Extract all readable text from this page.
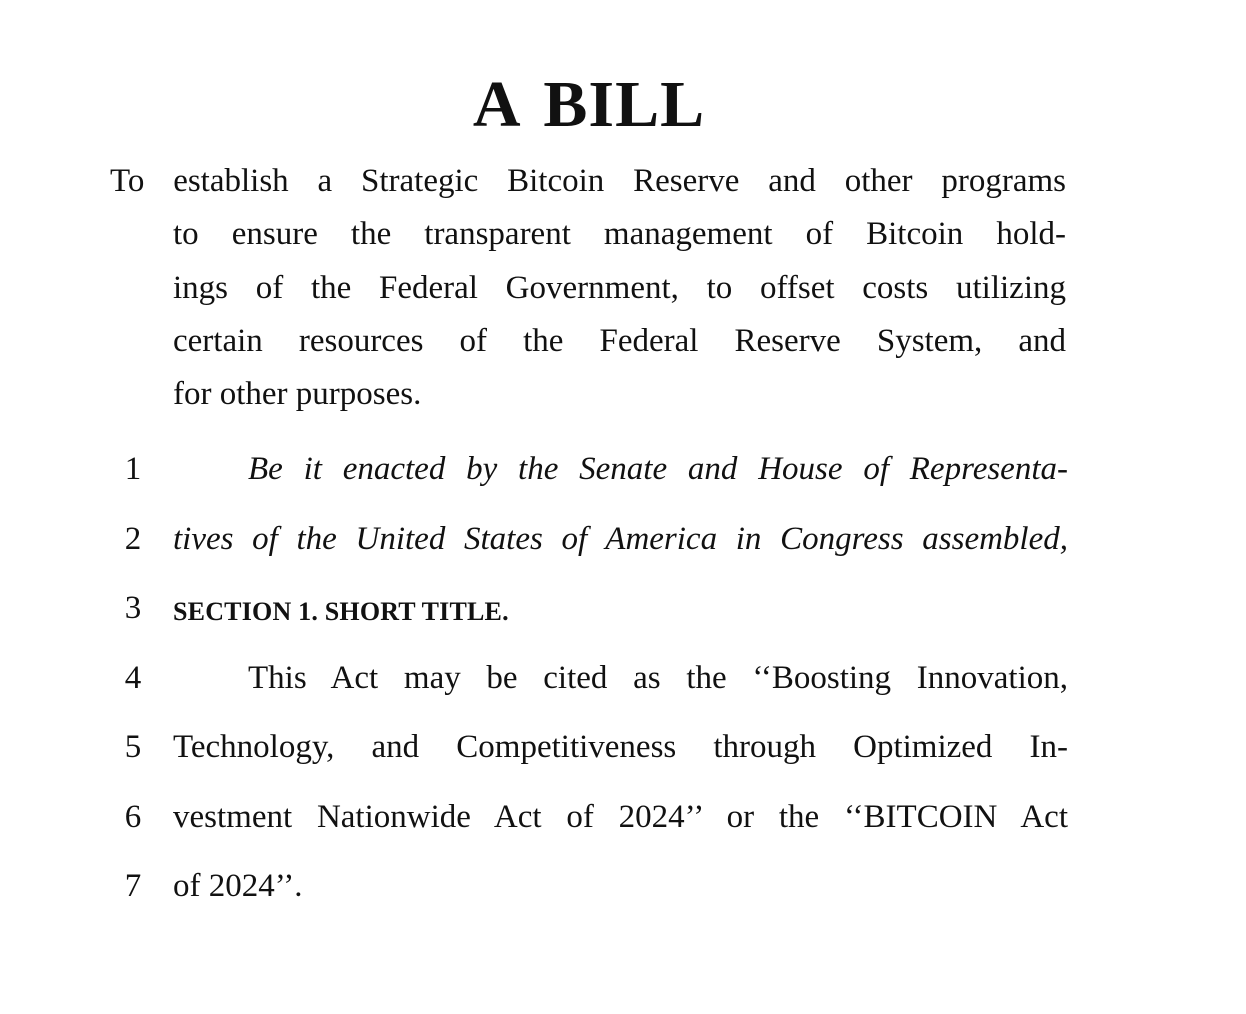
A BILL
To establish a Strategic Bitcoin Reserve and other programs
to ensure the transparent management of Bitcoin hold-
ings of the Federal Government, to offset costs utilizing
certain resources of the Federal Reserve System, and
for other purposes.
1	Be it enacted by the Senate and House of Representa-
2 tives of the United States of America in Congress assembled,
3 SECTION 1. SHORT TITLE.
4	This Act may be cited as the ‘‘Boosting Innovation,
5 Technology, and Competitiveness through Optimized In-
6 vestment Nationwide Act of 2024’’ or the ‘‘BITCOIN Act
7 of 2024’’.
